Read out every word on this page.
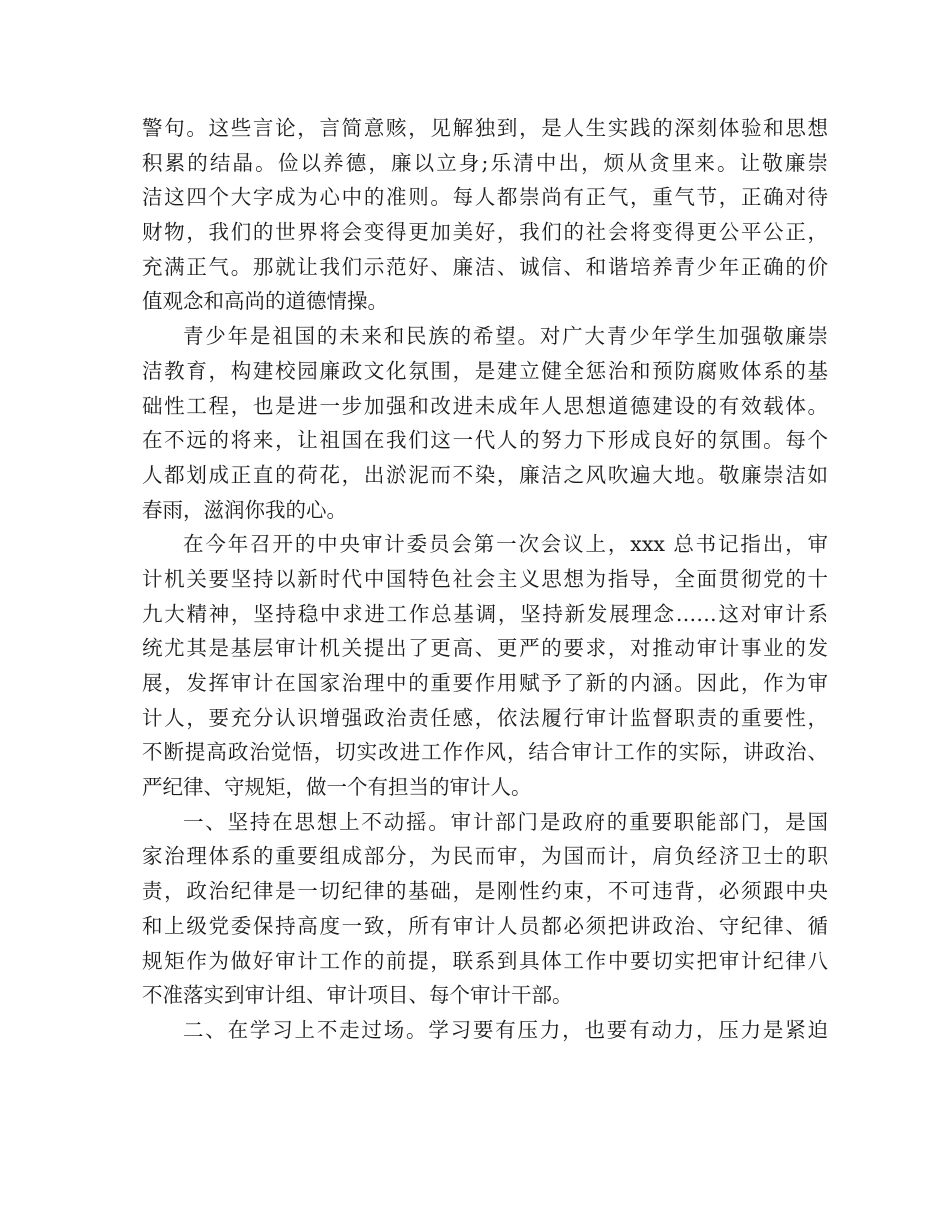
警句。这些言论，言简意赅，见解独到，是人生实践的深刻体验和思想
积累的结晶。俭以养德，廉以立身;乐清中出，烦从贪里来。让敬廉崇
洁这四个大字成为心中的准则。每人都崇尚有正气，重气节，正确对待
财物，我们的世界将会变得更加美好，我们的社会将变得更公平公正，
充满正气。那就让我们示范好、廉洁、诚信、和谐培养青少年正确的价
值观念和高尚的道德情操。
青少年是祖国的未来和民族的希望。对广大青少年学生加强敬廉崇
洁教育，构建校园廉政文化氛围，是建立健全惩治和预防腐败体系的基
础性工程，也是进一步加强和改进未成年人思想道德建设的有效载体。
在不远的将来，让祖国在我们这一代人的努力下形成良好的氛围。每个
人都划成正直的荷花，出淤泥而不染，廉洁之风吹遍大地。敬廉崇洁如
春雨，滋润你我的心。
在今年召开的中央审计委员会第一次会议上，xxx 总书记指出，审
计机关要坚持以新时代中国特色社会主义思想为指导，全面贯彻党的十
九大精神，坚持稳中求进工作总基调，坚持新发展理念……这对审计系
统尤其是基层审计机关提出了更高、更严的要求，对推动审计事业的发
展，发挥审计在国家治理中的重要作用赋予了新的内涵。因此，作为审
计人，要充分认识增强政治责任感，依法履行审计监督职责的重要性，
不断提高政治觉悟，切实改进工作作风，结合审计工作的实际，讲政治、
严纪律、守规矩，做一个有担当的审计人。
一、坚持在思想上不动摇。审计部门是政府的重要职能部门，是国
家治理体系的重要组成部分，为民而审，为国而计，肩负经济卫士的职
责，政治纪律是一切纪律的基础，是刚性约束，不可违背，必须跟中央
和上级党委保持高度一致，所有审计人员都必须把讲政治、守纪律、循
规矩作为做好审计工作的前提，联系到具体工作中要切实把审计纪律八
不准落实到审计组、审计项目、每个审计干部。
二、在学习上不走过场。学习要有压力，也要有动力，压力是紧迫
